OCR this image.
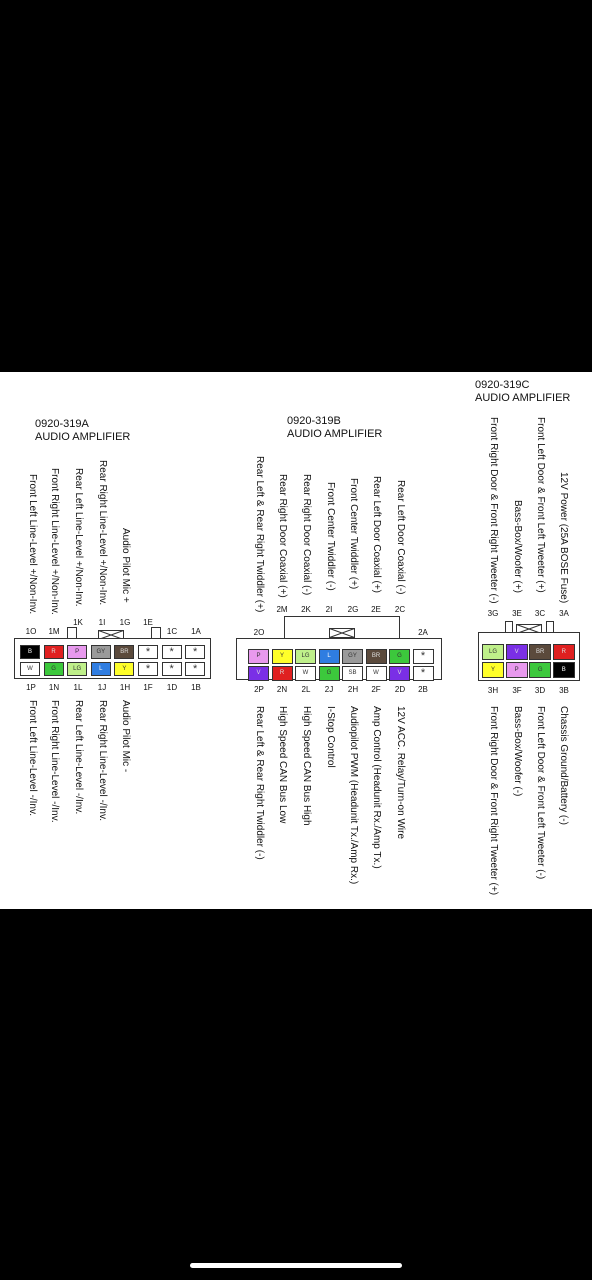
0920-319A
AUDIO AMPLIFIER
Front Left Line-Level +/Non-Inv. Front Right Line-Level +/Non-Inv. Rear Left Line-Level +/Non-Inv. Rear Right Line-Level +/Non-Inv. Audio Pilot Mic +
1O	1M
1K	1I	1G	1E
1C	1A
B	R	P	GY	BR	*	*	*
W	G	LG	L	Y	*	*	*
1P	1N	1L	1J	1H	1F	1D	1B
Front Left Line-Level -/Inv. Front Right Line-Level -/Inv. Rear Left Line-Level -/Inv. Rear Right Line-Level -/Inv. Audio Pilot Mic -
0920-319B
AUDIO AMPLIFIER
Rear Left & Rear Right Twiddler (+) Rear Right Door Coaxial (+) Rear Right Door Coaxial (-) Front Center Twiddler (-) Front Center Twiddler (+) Rear Left Door Coaxial (+) Rear Left Door Coaxial (-)
2O
2M	2K	2I	2G	2E	2C
2A
P	Y	LG	L	GY	BR	G	*
V	R	W	G	SB	W	V	*
2P	2N	2L	2J	2H	2F	2D	2B
Rear Left & Rear Right Twiddler (-) High Speed CAN Bus Low High Speed CAN Bus High I-Stop Control Audiopilot PWM (Headunit Tx./Amp Rx.) Amp Control (Headunit Rx./Amp Tx.) 12V ACC. Relay/Turn-on Wire
0920-319C
AUDIO AMPLIFIER
Front Right Door & Front Right Tweeter (-) Bass-Box/Woofer (+) Front Left Door & Front Left Tweeter (+) 12V Power (25A BOSE Fuse)
3G	3E	3C	3A
LG	V	BR	R
Y	P	G	B
3H	3F	3D	3B
Front Right Door & Front Right Tweeter (+) Bass-Box/Woofer (-) Front Left Door & Front Left Tweeter (-) Chassis Ground/Battery (-)
